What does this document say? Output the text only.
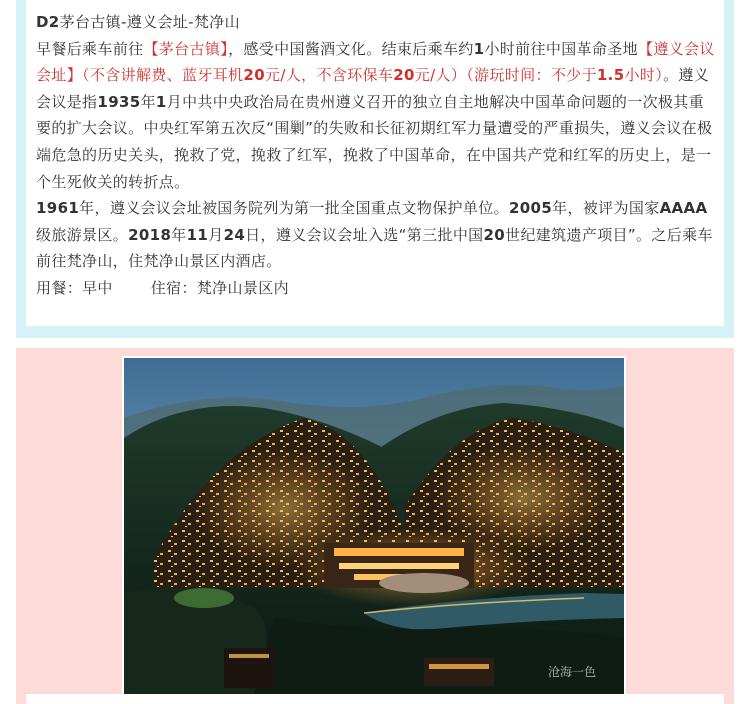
D2茅台古镇-遵义会址-梵净山

早餐后乘车前往【茅台古镇】，感受中国酱酒文化。结束后乘车约1小时前往中国革命圣地【遵义会议会址】（不含讲解费、蓝牙耳机20元/人，不含环保车20元/人）（游玩时间：不少于1.5小时）。遵义会议是指1935年1月中共中央政治局在贵州遵义召开的独立自主地解决中国革命问题的一次极其重要的扩大会议。中央红军第五次反“围剿”的失败和长征初期红军力量遭受的严重损失，遵义会议在极端危急的历史关头，挽救了党，挽救了红军，挽救了中国革命，在中国共产党和红军的历史上，是一个生死攸关的转折点。

1961年，遵义会议会址被国务院列为第一批全国重点文物保护单位。2005年，被评为国家AAAA级旅游景区。2018年11月24日，遵义会议会址入选“第三批中国20世纪建筑遗产项目”。之后乘车前往梵净山，住梵净山景区内酒店。

用餐：早中	住宿：梵净山景区内

沧海一色
